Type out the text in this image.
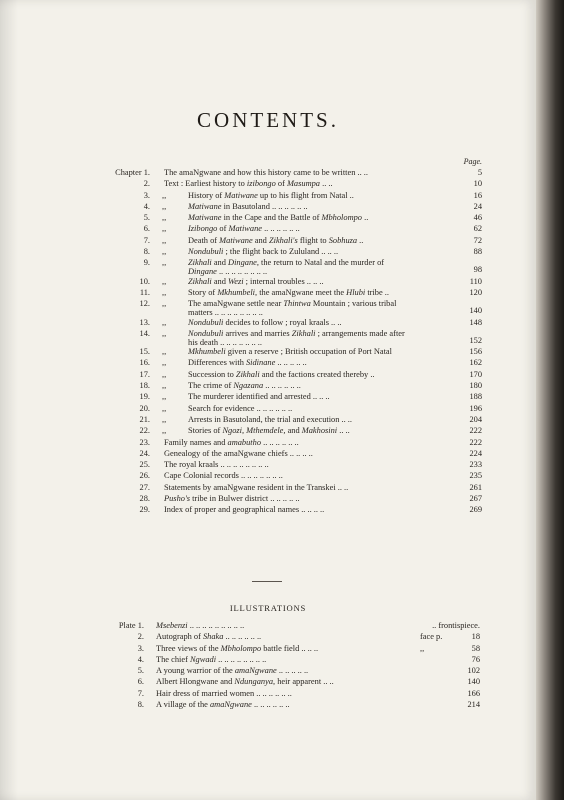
CONTENTS.
Page.
Chapter 1. The amaNgwane and how this history came to be written .. ..	5
2. Text : Earliest history to izibongo of Masumpa .. ..	10
3. ,,	History of Matiwane up to his flight from Natal ..	16
4. ,,	Matiwane in Basutoland .. .. .. .. .. ..	24
5. ,,	Matiwane in the Cape and the Battle of Mbholompo ..	46
6. ,,	Izibongo of Matiwane .. .. .. .. .. ..	62
7. ,,	Death of Matiwane and Zikhali's flight to Sobhuza ..	72
8. ,,	Nondubuli ; the flight back to Zululand .. .. ..	88
9. ,,	Zikhali and Dingane, the return to Natal and the murder of
Dingane .. .. .. .. .. .. .. ..	98
10. ,,	Zikhali and Wezi ; internal troubles .. .. ..	110
11. ,,	Story of Mkhumbeli, the amaNgwane meet the Hlubi tribe ..	120
12. ,,	The amaNgwane settle near Thintwa Mountain ; various tribal
matters .. .. .. .. .. .. .. ..	140
13. ,,	Nondubuli decides to follow ; royal kraals .. ..	148
14. ,,	Nondubuli arrives and marries Zikhali ; arrangements made after
his death .. .. .. .. .. .. ..	152
15. ,,	Mkhumbeli given a reserve ; British occupation of Port Natal	156
16. ,,	Differences with Sidinane .. .. .. .. ..	162
17. ,,	Succession to Zikhali and the factions created thereby ..	170
18. ,,	The crime of Ngazana .. .. .. .. .. ..	180
19. ,,	The murderer identified and arrested .. .. ..	188
20. ,,	Search for evidence .. .. .. .. .. ..	196
21. ,,	Arrests in Basutoland, the trial and execution .. ..	204
22. ,,	Stories of Ngozi, Mthemdele, and Makhosini .. ..	222
23. Family names and amabutho .. .. .. .. .. ..	222
24. Genealogy of the amaNgwane chiefs .. .. .. ..	224
25. The royal kraals .. .. .. .. .. .. .. ..	233
26. Cape Colonial records .. .. .. .. .. .. ..	235
27. Statements by amaNgwane resident in the Transkei .. ..	261
28. Pusho's tribe in Bulwer district .. .. .. .. ..	267
29. Index of proper and geographical names .. .. .. ..	269
ILLUSTRATIONS
Plate 1. Msebenzi .. .. .. .. .. .. .. .. ..	.. frontispiece.
2. Autograph of Shaka .. .. .. .. .. ..	face p.	18
3. Three views of the Mbholompo battle field .. .. ..	,,	58
4. The chief Ngwadi .. .. .. .. .. .. .. ..	76
5. A young warrior of the amaNgwane .. .. .. .. ..	102
6. Albert Hlongwane and Ndunganya, heir apparent .. ..	140
7. Hair dress of married women .. .. .. .. .. ..	166
8. A village of the amaNgwane .. .. .. .. .. ..	214
